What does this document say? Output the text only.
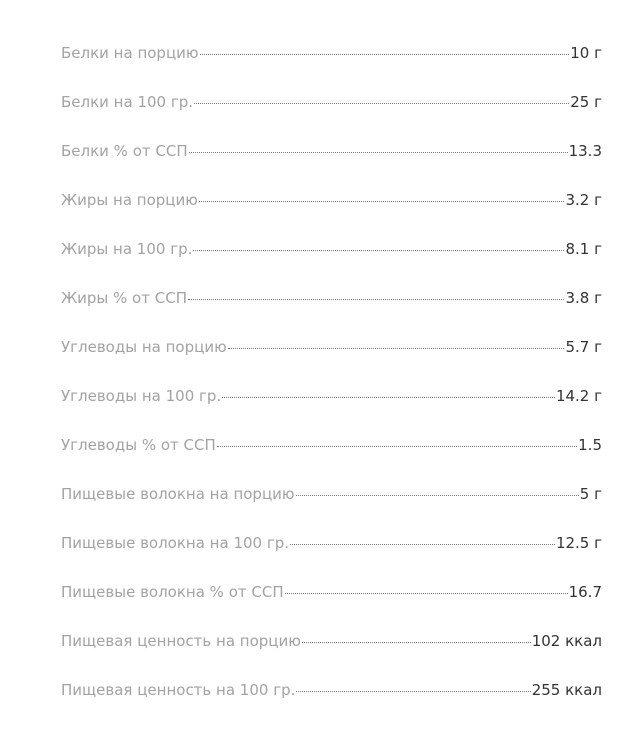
Белки на порцию	10 г
Белки на 100 гр.	25 г
Белки % от ССП	13.3
Жиры на порцию	3.2 г
Жиры на 100 гр.	8.1 г
Жиры % от ССП	3.8 г
Углеводы на порцию	5.7 г
Углеводы на 100 гр.	14.2 г
Углеводы % от ССП	1.5
Пищевые волокна на порцию	5 г
Пищевые волокна на 100 гр.	12.5 г
Пищевые волокна % от ССП	16.7
Пищевая ценность на порцию	102 ккал
Пищевая ценность на 100 гр.	255 ккал
